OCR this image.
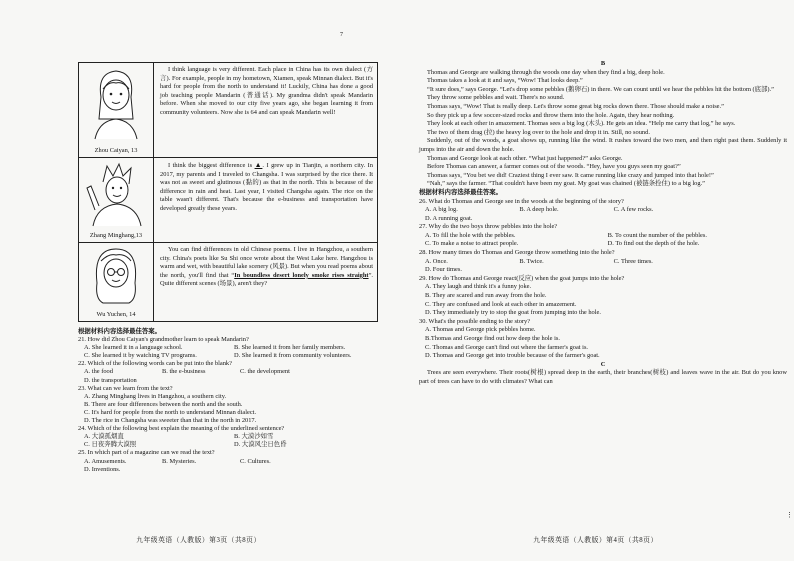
7
⋮
Zhou Caiyan, 13

I think language is very different. Each place in China has its own dialect (方言). For example, people in my hometown, Xiamen, speak Minnan dialect. But it's hard for people from the north to understand it! Luckily, China has done a good job teaching people Mandarin (普通话). My grandma didn't speak Mandarin before. When she moved to our city five years ago, she began learning it from community volunteers. Now she is 64 and can speak Mandarin well!

Zhang Minghang,13

I think the biggest difference is ▲. I grew up in Tianjin, a northern city. In 2017, my parents and I traveled to Changsha. I was surprised by the rice there. It was not as sweet and glutinous (黏的) as that in the north. This is because of the difference in rain and heat. Last year, I visited Changsha again. The rice on the table wasn't different. That's because the e-business and transportation have developed greatly these years.

Wu Yuchen, 14

You can find differences in old Chinese poems. I live in Hangzhou, a southern city. China's poets like Su Shi once wrote about the West Lake here. Hangzhou is warm and wet, with beautiful lake scenery (风景). But when you read poems about the north, you'll find that “In boundless desert lonely smoke rises straight”. Quite different scenes (场景), aren't they?

根据材料内容选择最佳答案。

21. How did Zhou Caiyan's grandmother learn to speak Mandarin?

A. She learned it in a language school.	B. She learned it from her family members.
C. She learned it by watching TV programs.	D. She learned it from community volunteers.

22. Which of the following words can be put into the blank?

A. the food	B. the e-business	C. the development
D. the transportation

23. What can we learn from the text?

A. Zhang Minghang lives in Hangzhou, a southern city.
B. There are four differences between the north and the south.
C. It's hard for people from the north to understand Minnan dialect.
D. The rice in Changsha was sweeter than that in the north in 2017.

24. Which of the following best explain the meaning of the underlined sentence?

A. 大漠孤烟直	B. 大漠沙如雪
C. 日夜奔腾大漠照	D. 大漠风尘日色昏

25. In which part of a magazine can we read the text?

A. Amusements.	B. Mysteries.	C. Cultures.
D. Inventions.
九年级英语（人教版）第3页（共8页）

B

Thomas and George are walking through the woods one day when they find a big, deep hole.

Thomas takes a look at it and says, “Wow! That looks deep.”

“It sure does,” says George. “Let's drop some pebbles (鹅卵石) in there. We can count until we hear the pebbles hit the bottom (底部).”

They throw some pebbles and wait. There's no sound.

Thomas says, “Wow! That is really deep. Let's throw some great big rocks down there. Those should make a noise.”

So they pick up a few soccer-sized rocks and throw them into the hole. Again, they hear nothing.

They look at each other in amazement. Thomas sees a big log (木头). He gets an idea. “Help me carry that log,” he says.

The two of them drag (拉) the heavy log over to the hole and drop it in. Still, no sound.

Suddenly, out of the woods, a goat shows up, running like the wind. It rushes toward the two men, and then right past them. Suddenly it jumps into the air and down the hole.

Thomas and George look at each other. “What just happened?” asks George.

Before Thomas can answer, a farmer comes out of the woods. “Hey, have you guys seen my goat?”

Thomas says, “You bet we did! Craziest thing I ever saw. It came running like crazy and jumped into that hole!”

“Nah,” says the farmer. “That couldn't have been my goat. My goat was chained (被链条拴住) to a big log.”

根据材料内容选择最佳答案。

26. What do Thomas and George see in the woods at the beginning of the story?

A. A big log.	B. A deep hole.	C. A few rocks.
D. A running goat.

27. Why do the two boys throw pebbles into the hole?

A. To fill the hole with the pebbles.	B. To count the number of the pebbles.
C. To make a noise to attract people.	D. To find out the depth of the hole.

28. How many times do Thomas and George throw something into the hole?

A. Once.	B. Twice.	C. Three times.
D. Four times.

29. How do Thomas and George react(反应) when the goat jumps into the hole?

A. They laugh and think it's a funny joke.
B. They are scared and run away from the hole.
C. They are confused and look at each other in amazement.
D. They immediately try to stop the goat from jumping into the hole.

30. What's the possible ending to the story?

A. Thomas and George pick pebbles home.
B.Thomas and George find out how deep the hole is.
C. Thomas and George can't find out where the farmer's goat is.
D. Thomas and George get into trouble because of the farmer's goat.

C

Trees are seen everywhere. Their roots(树根) spread deep in the earth, their branches(树枝) and leaves wave in the air. But do you know part of trees can have to do with climates? What can

九年级英语（人教版）第4页（共8页）
